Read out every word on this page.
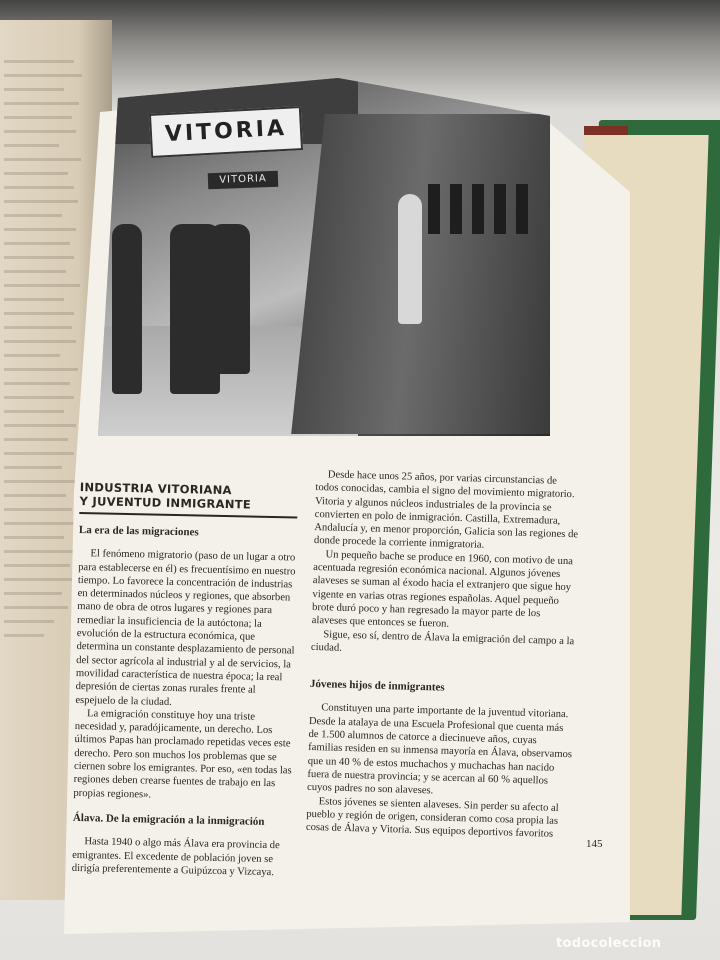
VITORIA
VITORIA
INDUSTRIA VITORIANA
Y JUVENTUD INMIGRANTE
La era de las migraciones

El fenómeno migratorio (paso de un lugar a otro para establecerse en él) es frecuentísimo en nuestro tiempo. Lo favorece la concentración de industrias en determinados núcleos y regiones, que absorben mano de obra de otros lugares y regiones para remediar la insuficiencia de la autóctona; la evolución de la estructura económica, que determina un constante desplazamiento de personal del sector agrícola al industrial y al de servicios, la movilidad característica de nuestra época; la real depresión de ciertas zonas rurales frente al espejuelo de la ciudad.

La emigración constituye hoy una triste necesidad y, paradójicamente, un derecho. Los últimos Papas han proclamado repetidas veces este derecho. Pero son muchos los problemas que se ciernen sobre los emigrantes. Por eso, «en todas las regiones deben crearse fuentes de trabajo en las propias regiones».

Álava. De la emigración a la inmigración

Hasta 1940 o algo más Álava era provincia de emigrantes. El excedente de población joven se dirigía preferentemente a Guipúzcoa y Vizcaya.

Desde hace unos 25 años, por varias circunstancias de todos conocidas, cambia el signo del movimiento migratorio. Vitoria y algunos núcleos industriales de la provincia se convierten en polo de inmigración. Castilla, Extremadura, Andalucía y, en menor proporción, Galicia son las regiones de donde procede la corriente inmigratoria.

Un pequeño bache se produce en 1960, con motivo de una acentuada regresión económica nacional. Algunos jóvenes alaveses se suman al éxodo hacia el extranjero que sigue hoy vigente en varias otras regiones españolas. Aquel pequeño brote duró poco y han regresado la mayor parte de los alaveses que entonces se fueron.

Sigue, eso sí, dentro de Álava la emigración del campo a la ciudad.

Jóvenes hijos de inmigrantes

Constituyen una parte importante de la juventud vitoriana. Desde la atalaya de una Escuela Profesional que cuenta más de 1.500 alumnos de catorce a diecinueve años, cuyas familias residen en su inmensa mayoría en Álava, observamos que un 40 % de estos muchachos y muchachas han nacido fuera de nuestra provincia; y se acercan al 60 % aquellos cuyos padres no son alaveses.

Estos jóvenes se sienten alaveses. Sin perder su afecto al pueblo y región de origen, consideran como cosa propia las cosas de Álava y Vitoria. Sus equipos deportivos favoritos

145
todocoleccion
